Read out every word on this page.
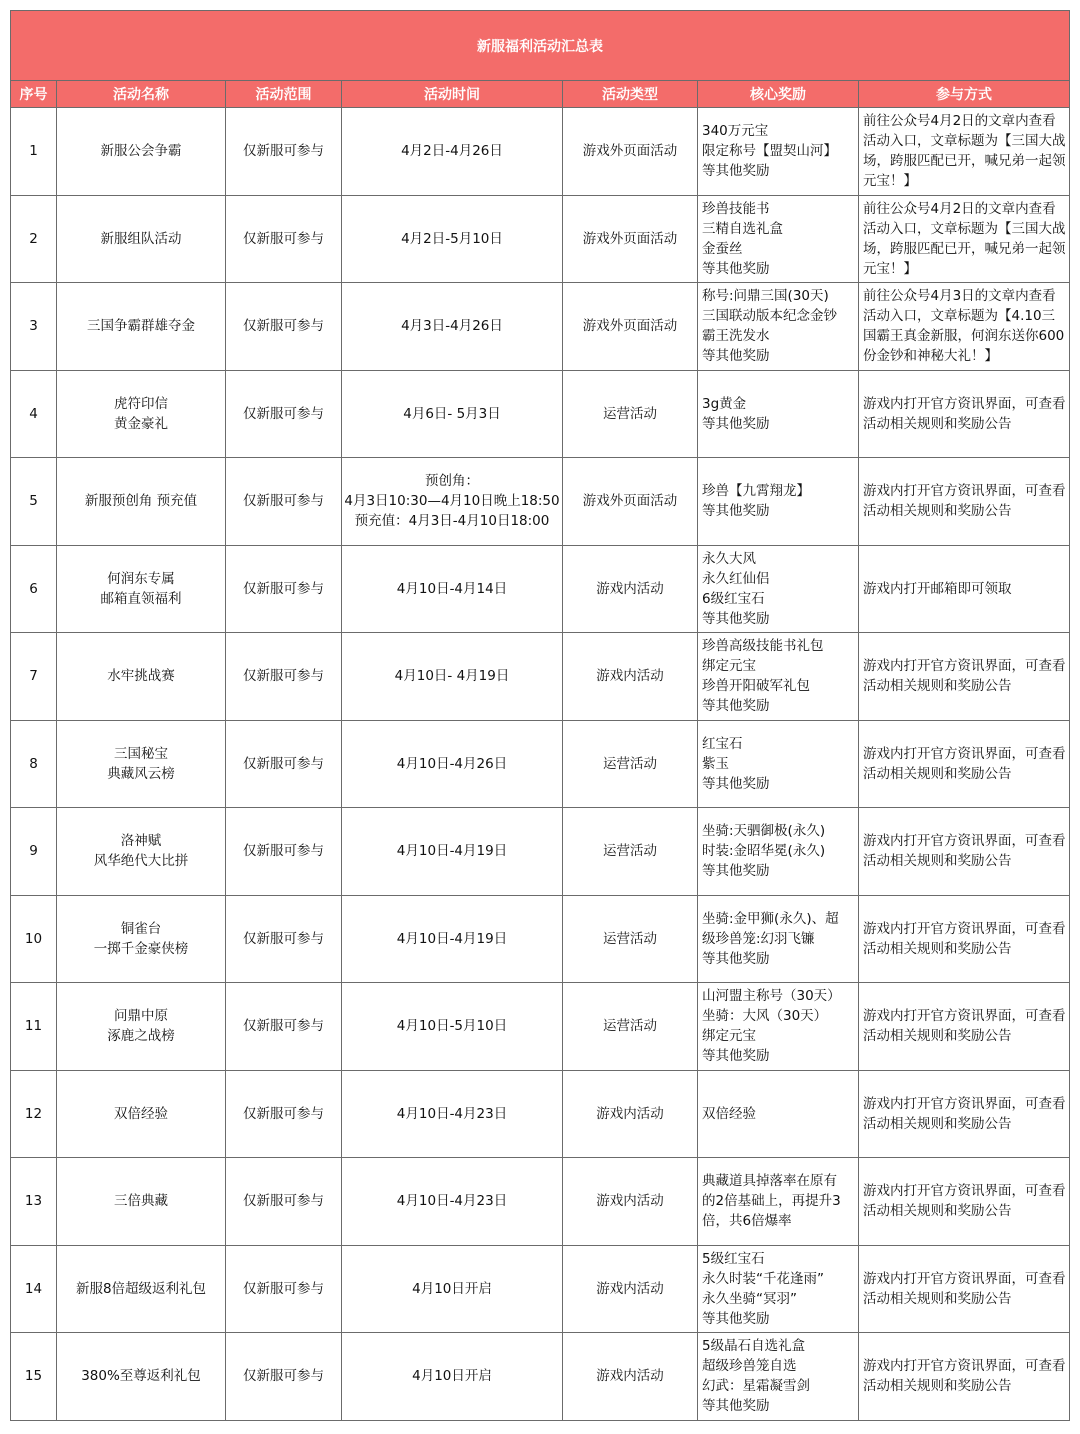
新服福利活动汇总表						
序号	活动名称	活动范围	活动时间	活动类型	核心奖励	参与方式
1	新服公会争霸	仅新服可参与	4月2日-4月26日	游戏外页面活动	340万元宝
限定称号【盟契山河】
等其他奖励	前往公众号4月2日的文章内查看活动入口，文章标题为【三国大战场，跨服匹配已开，喊兄弟一起领元宝！】

2	新服组队活动	仅新服可参与	4月2日-5月10日	游戏外页面活动	珍兽技能书
三精自选礼盒
金蚕丝
等其他奖励	前往公众号4月2日的文章内查看活动入口，文章标题为【三国大战场，跨服匹配已开，喊兄弟一起领元宝！】

3	三国争霸群雄夺金	仅新服可参与	4月3日-4月26日	游戏外页面活动	称号:问鼎三国(30天)
三国联动版本纪念金钞
霸王洗发水
等其他奖励	前往公众号4月3日的文章内查看活动入口，文章标题为【4.10三国霸王真金新服，何润东送你600份金钞和神秘大礼！】

4	虎符印信
黄金豪礼	仅新服可参与	4月6日- 5月3日	运营活动	3g黄金
等其他奖励	游戏内打开官方资讯界面，可查看活动相关规则和奖励公告

5	新服预创角 预充值	仅新服可参与	预创角：
4月3日10:30—4月10日晚上18:50
预充值：4月3日-4月10日18:00	游戏外页面活动	珍兽【九霄翔龙】
等其他奖励	游戏内打开官方资讯界面，可查看活动相关规则和奖励公告

6	何润东专属
邮箱直领福利	仅新服可参与	4月10日-4月14日	游戏内活动	永久大风
永久红仙侣
6级红宝石
等其他奖励	游戏内打开邮箱即可领取

7	水牢挑战赛	仅新服可参与	4月10日- 4月19日	游戏内活动	珍兽高级技能书礼包
绑定元宝
珍兽开阳破军礼包
等其他奖励	游戏内打开官方资讯界面，可查看活动相关规则和奖励公告

8	三国秘宝
典藏风云榜	仅新服可参与	4月10日-4月26日	运营活动	红宝石
紫玉
等其他奖励	游戏内打开官方资讯界面，可查看活动相关规则和奖励公告

9	洛神赋
风华绝代大比拼	仅新服可参与	4月10日-4月19日	运营活动	坐骑:天驷御极(永久)
时装:金昭华冕(永久)
等其他奖励	游戏内打开官方资讯界面，可查看活动相关规则和奖励公告

10	铜雀台
一掷千金豪侠榜	仅新服可参与	4月10日-4月19日	运营活动	坐骑:金甲狮(永久)、超
级珍兽笼:幻羽飞镰
等其他奖励	游戏内打开官方资讯界面，可查看活动相关规则和奖励公告

11	问鼎中原
涿鹿之战榜	仅新服可参与	4月10日-5月10日	运营活动	山河盟主称号（30天）
坐骑：大风（30天）
绑定元宝
等其他奖励	游戏内打开官方资讯界面，可查看活动相关规则和奖励公告

12	双倍经验	仅新服可参与	4月10日-4月23日	游戏内活动	双倍经验	游戏内打开官方资讯界面，可查看活动相关规则和奖励公告

13	三倍典藏	仅新服可参与	4月10日-4月23日	游戏内活动	典藏道具掉落率在原有
的2倍基础上，再提升3
倍，共6倍爆率	游戏内打开官方资讯界面，可查看活动相关规则和奖励公告

14	新服8倍超级返利礼包	仅新服可参与	4月10日开启	游戏内活动	5级红宝石
永久时装“千花逢雨”
永久坐骑“冥羽”
等其他奖励	游戏内打开官方资讯界面，可查看活动相关规则和奖励公告

15	380%至尊返利礼包	仅新服可参与	4月10日开启	游戏内活动	5级晶石自选礼盒
超级珍兽笼自选
幻武：星霜凝雪剑
等其他奖励	游戏内打开官方资讯界面，可查看活动相关规则和奖励公告
